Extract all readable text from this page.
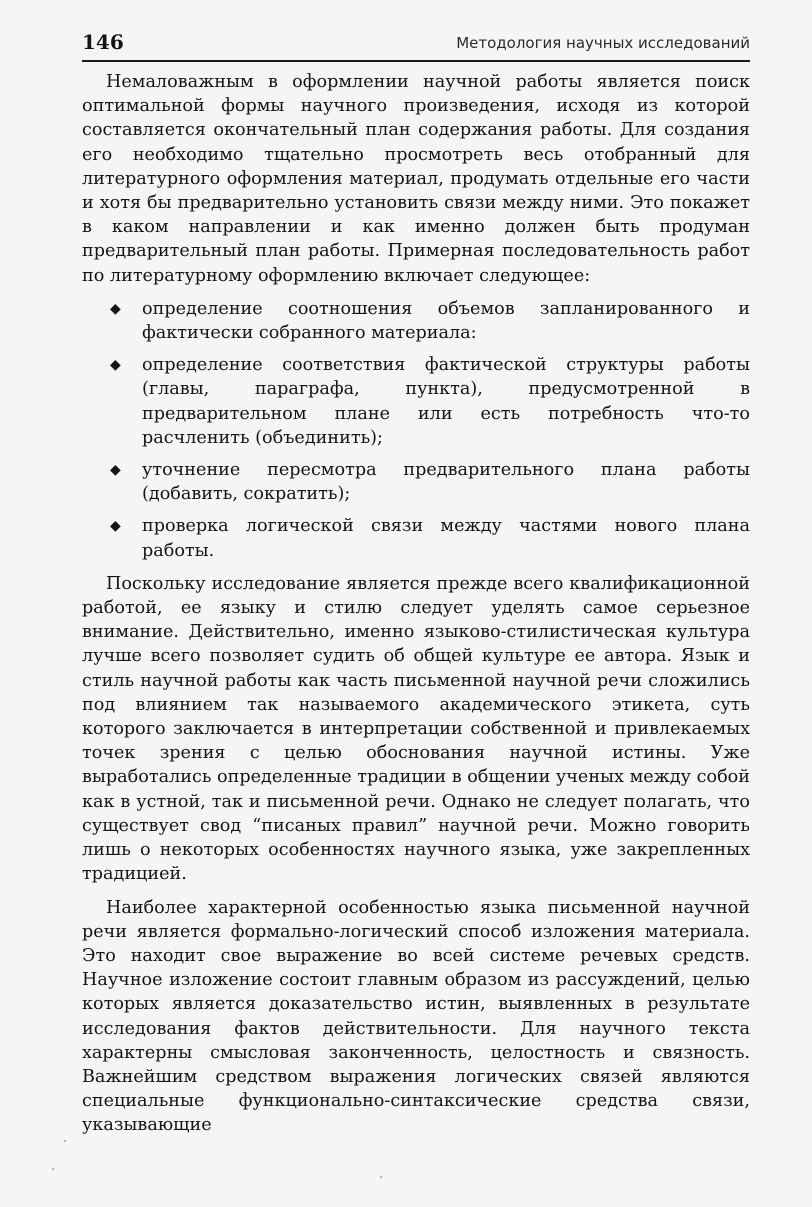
146	Методология научных исследований

Немаловажным в оформлении научной работы является поиск оптимальной формы научного произведения, исходя из которой составляется окончательный план содержания работы. Для создания его необходимо тщательно просмотреть весь отобранный для литературного оформления материал, продумать отдельные его части и хотя бы предварительно установить связи между ними. Это покажет в каком направлении и как именно должен быть продуман предварительный план работы. Примерная последовательность работ по литературному оформлению включает следующее:

◆ определение соотношения объемов запланированного и фактически собранного материала:
◆ определение соответствия фактической структуры работы (главы, параграфа, пункта), предусмотренной в предварительном плане или есть потребность что-то расчленить (объединить);
◆ уточнение пересмотра предварительного плана работы (добавить, сократить);
◆ проверка логической связи между частями нового плана работы.

Поскольку исследование является прежде всего квалификационной работой, ее языку и стилю следует уделять самое серьезное внимание. Действительно, именно языково-стилистическая культура лучше всего позволяет судить об общей культуре ее автора. Язык и стиль научной работы как часть письменной научной речи сложились под влиянием так называемого академического этикета, суть которого заключается в интерпретации собственной и привлекаемых точек зрения с целью обоснования научной истины. Уже выработались определенные традиции в общении ученых между собой как в устной, так и письменной речи. Однако не следует полагать, что существует свод “писаных правил” научной речи. Можно говорить лишь о некоторых особенностях научного языка, уже закрепленных традицией.

Наиболее характерной особенностью языка письменной научной речи является формально-логический способ изложения материала. Это находит свое выражение во всей системе речевых средств. Научное изложение состоит главным образом из рассуждений, целью которых является доказательство истин, выявленных в результате исследования фактов действительности. Для научного текста характерны смысловая законченность, целостность и связность. Важнейшим средством выражения логических связей являются специальные функционально-синтаксические средства связи, указывающие
